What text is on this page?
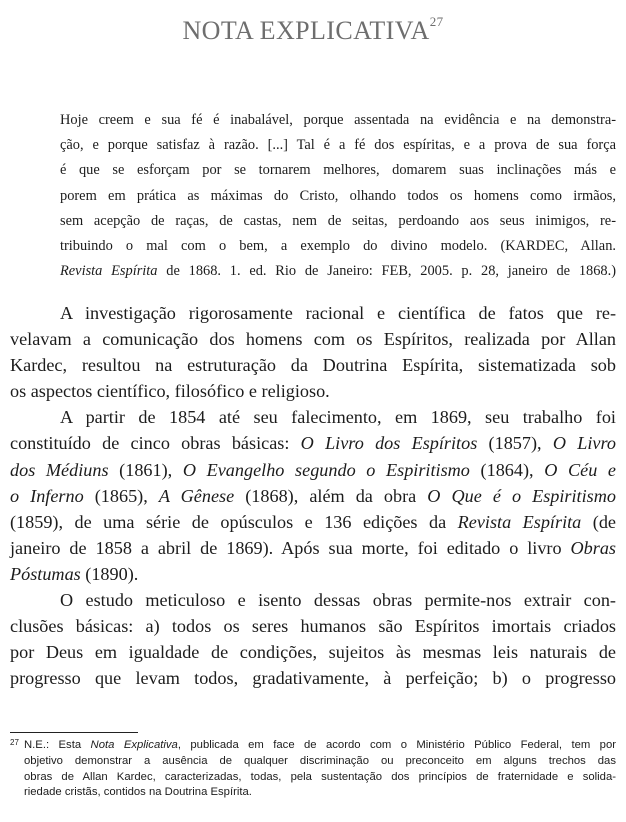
NOTA EXPLICATIVA$^{27}$
Hoje creem e sua fé é inabalável, porque assentada na evidência e na demonstra-
ção, e porque satisfaz à razão. [...] Tal é a fé dos espíritas, e a prova de sua força
é que se esforçam por se tornarem melhores, domarem suas inclinações más e
porem em prática as máximas do Cristo, olhando todos os homens como irmãos,
sem acepção de raças, de castas, nem de seitas, perdoando aos seus inimigos, re-
tribuindo o mal com o bem, a exemplo do divino modelo. (KARDEC, Allan.
Revista Espírita de 1868. 1. ed. Rio de Janeiro: FEB, 2005. p. 28, janeiro de 1868.)
A investigação rigorosamente racional e científica de fatos que re-
velavam a comunicação dos homens com os Espíritos, realizada por Allan
Kardec, resultou na estruturação da Doutrina Espírita, sistematizada sob
os aspectos científico, filosófico e religioso.
A partir de 1854 até seu falecimento, em 1869, seu trabalho foi
constituído de cinco obras básicas: O Livro dos Espíritos (1857), O Livro
dos Médiuns (1861), O Evangelho segundo o Espiritismo (1864), O Céu e
o Inferno (1865), A Gênese (1868), além da obra O Que é o Espiritismo
(1859), de uma série de opúsculos e 136 edições da Revista Espírita (de
janeiro de 1858 a abril de 1869). Após sua morte, foi editado o livro Obras
Póstumas (1890).
O estudo meticuloso e isento dessas obras permite-nos extrair con-
clusões básicas: a) todos os seres humanos são Espíritos imortais criados
por Deus em igualdade de condições, sujeitos às mesmas leis naturais de
progresso que levam todos, gradativamente, à perfeição; b) o progresso
27 N.E.: Esta Nota Explicativa, publicada em face de acordo com o Ministério Público Federal, tem por
objetivo demonstrar a ausência de qualquer discriminação ou preconceito em alguns trechos das
obras de Allan Kardec, caracterizadas, todas, pela sustentação dos princípios de fraternidade e solida-
riedade cristãs, contidos na Doutrina Espírita.
